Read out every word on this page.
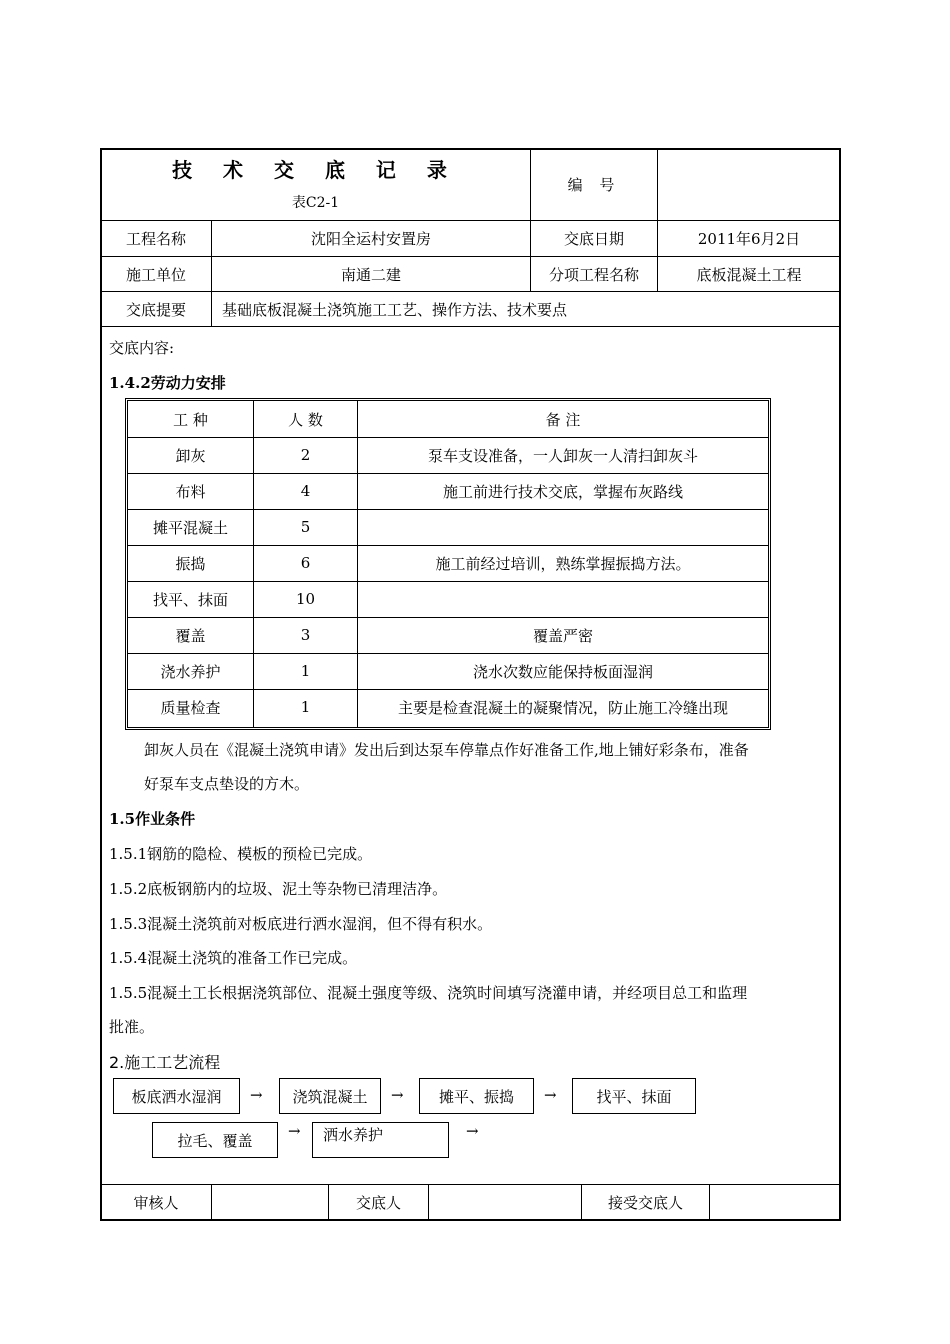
技 术 交 底 记 录
表C2-1
编 号
工程名称	沈阳全运村安置房	交底日期	2011年6月2日
施工单位	南通二建	分项工程名称	底板混凝土工程
交底提要	基础底板混凝土浇筑施工工艺、操作方法、技术要点
交底内容:
1.4.2劳动力安排
工 种	人 数	备 注
卸灰	2	泵车支设准备，一人卸灰一人清扫卸灰斗
布料	4	施工前进行技术交底，掌握布灰路线
摊平混凝土	5
振捣	6	施工前经过培训，熟练掌握振捣方法。
找平、抹面	10
覆盖	3	覆盖严密
浇水养护	1	浇水次数应能保持板面湿润
质量检查	1	主要是检查混凝土的凝聚情况，防止施工冷缝出现
卸灰人员在《混凝土浇筑申请》发出后到达泵车停靠点作好准备工作,地上铺好彩条布，准备
好泵车支点垫设的方木。
1.5作业条件
1.5.1钢筋的隐检、模板的预检已完成。
1.5.2底板钢筋内的垃圾、泥土等杂物已清理洁净。
1.5.3混凝土浇筑前对板底进行洒水湿润，但不得有积水。
1.5.4混凝土浇筑的准备工作已完成。
1.5.5混凝土工长根据浇筑部位、混凝土强度等级、浇筑时间填写浇灌申请，并经项目总工和监理
批准。
2.施工工艺流程
板底洒水湿润	→	浇筑混凝土	→	摊平、振捣	→	找平、抹面
拉毛、覆盖
→	洒水养护	→
审核人	交底人	接受交底人
